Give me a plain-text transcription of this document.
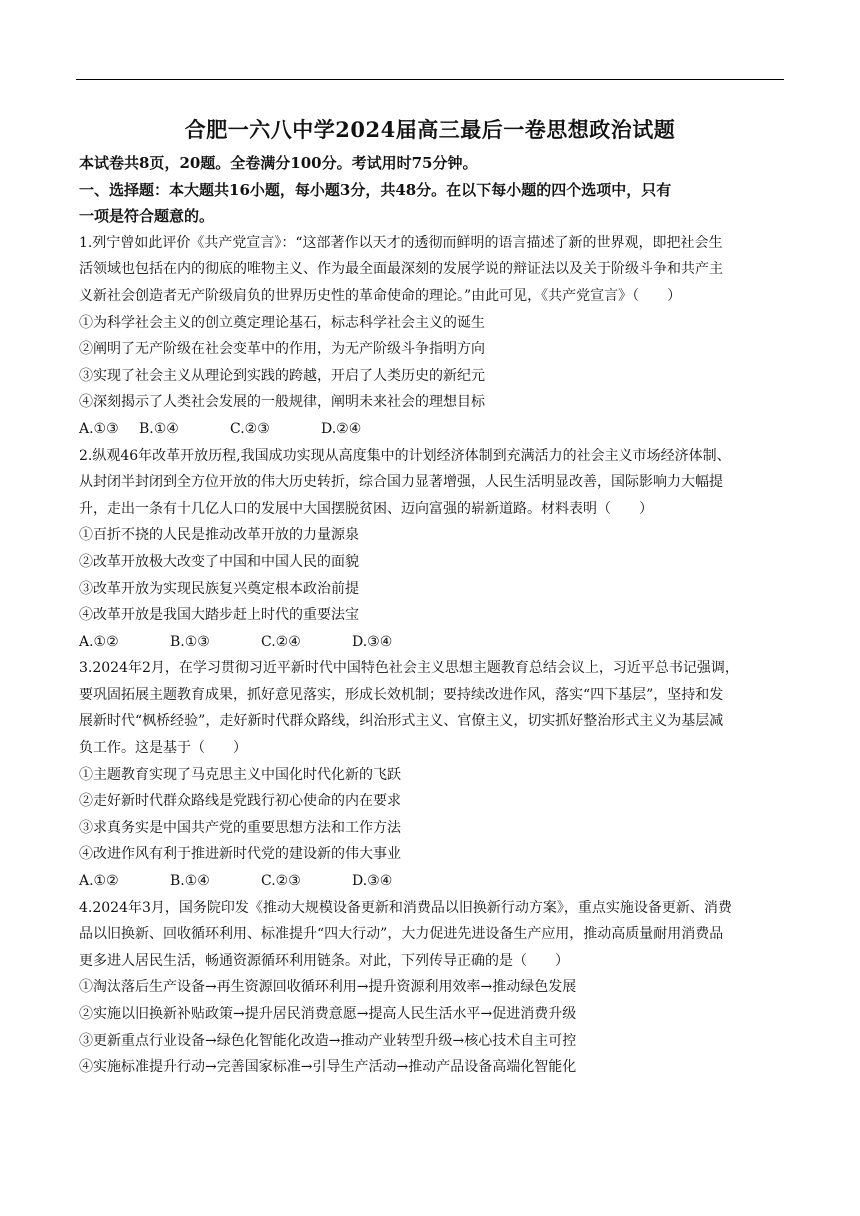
合肥一六八中学2024届高三最后一卷思想政治试题
本试卷共8页，20题。全卷满分100分。考试用时75分钟。
一、选择题：本大题共16小题，每小题3分，共48分。在以下每小题的四个选项中，只有
一项是符合题意的。
1.列宁曾如此评价《共产党宣言》：“这部著作以天才的透彻而鲜明的语言描述了新的世界观，即把社会生
活领域也包括在内的彻底的唯物主义、作为最全面最深刻的发展学说的辩证法以及关于阶级斗争和共产主
义新社会创造者无产阶级肩负的世界历史性的革命使命的理论。”由此可见，《共产党宣言》（　　）
①为科学社会主义的创立奠定理论基石，标志科学社会主义的诞生
②阐明了无产阶级在社会变革中的作用，为无产阶级斗争指明方向
③实现了社会主义从理论到实践的跨越，开启了人类历史的新纪元
④深刻揭示了人类社会发展的一般规律，阐明未来社会的理想目标
A.①③	B.①④	C.②③	D.②④
2.纵观46年改革开放历程,我国成功实现从高度集中的计划经济体制到充满活力的社会主义市场经济体制、
从封闭半封闭到全方位开放的伟大历史转折，综合国力显著增强，人民生活明显改善，国际影响力大幅提
升，走出一条有十几亿人口的发展中大国摆脱贫困、迈向富强的崭新道路。材料表明（　　）
①百折不挠的人民是推动改革开放的力量源泉
②改革开放极大改变了中国和中国人民的面貌
③改革开放为实现民族复兴奠定根本政治前提
④改革开放是我国大踏步赶上时代的重要法宝
A.①②	B.①③	C.②④	D.③④
3.2024年2月，在学习贯彻习近平新时代中国特色社会主义思想主题教育总结会议上，习近平总书记强调，
要巩固拓展主题教育成果，抓好意见落实，形成长效机制；要持续改进作风，落实“四下基层”，坚持和发
展新时代“枫桥经验”，走好新时代群众路线，纠治形式主义、官僚主义，切实抓好整治形式主义为基层减
负工作。这是基于（　　）
①主题教育实现了马克思主义中国化时代化新的飞跃
②走好新时代群众路线是党践行初心使命的内在要求
③求真务实是中国共产党的重要思想方法和工作方法
④改进作风有利于推进新时代党的建设新的伟大事业
A.①②	B.①④	C.②③	D.③④
4.2024年3月，国务院印发《推动大规模设备更新和消费品以旧换新行动方案》，重点实施设备更新、消费
品以旧换新、回收循环利用、标准提升“四大行动”，大力促进先进设备生产应用，推动高质量耐用消费品
更多进人居民生活，畅通资源循环利用链条。对此，下列传导正确的是（　　）
①淘汰落后生产设备→再生资源回收循环利用→提升资源利用效率→推动绿色发展
②实施以旧换新补贴政策→提升居民消费意愿→提高人民生活水平→促进消费升级
③更新重点行业设备→绿色化智能化改造→推动产业转型升级→核心技术自主可控
④实施标准提升行动→完善国家标准→引导生产活动→推动产品设备高端化智能化
